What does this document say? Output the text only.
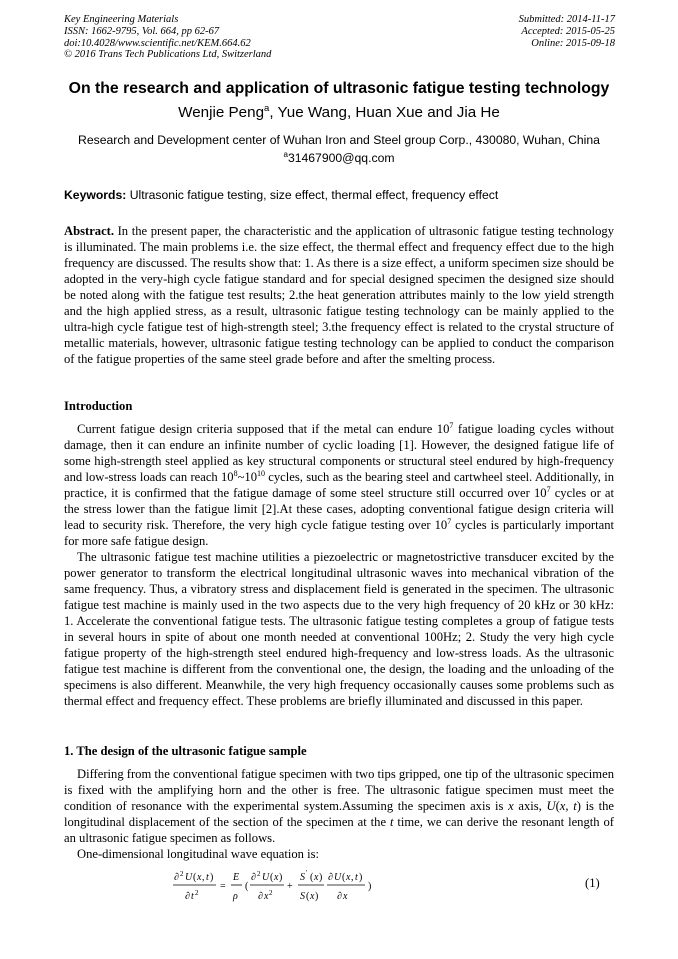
Key Engineering Materials
ISSN: 1662-9795, Vol. 664, pp 62-67
doi:10.4028/www.scientific.net/KEM.664.62
© 2016 Trans Tech Publications Ltd, Switzerland
Submitted: 2014-11-17
Accepted: 2015-05-25
Online: 2015-09-18
On the research and application of ultrasonic fatigue testing technology
Wenjie Peng$^a$, Yue Wang, Huan Xue and Jia He
Research and Development center of Wuhan Iron and Steel group Corp., 430080, Wuhan, China
$^a$31467900@qq.com
Keywords: Ultrasonic fatigue testing, size effect, thermal effect, frequency effect

Abstract. In the present paper, the characteristic and the application of ultrasonic fatigue testing technology is illuminated. The main problems i.e. the size effect, the thermal effect and frequency effect due to the high frequency are discussed. The results show that: 1. As there is a size effect, a uniform specimen size should be adopted in the very-high cycle fatigue standard and for special designed specimen the designed size should be noted along with the fatigue test results; 2.the heat generation attributes mainly to the low yield strength and the high applied stress, as a result, ultrasonic fatigue testing technology can be mainly applied to the ultra-high cycle fatigue test of high-strength steel; 3.the frequency effect is related to the crystal structure of metallic materials, however, ultrasonic fatigue testing technology can be applied to conduct the comparison of the fatigue properties of the same steel grade before and after the smelting process.

Introduction

Current fatigue design criteria supposed that if the metal can endure $10^7$ fatigue loading cycles without damage, then it can endure an infinite number of cyclic loading [1]. However, the designed fatigue life of some high-strength steel applied as key structural components or structural steel endured by high-frequency and low-stress loads can reach $10^8\sim 10^{10}$ cycles, such as the bearing steel and cartwheel steel. Additionally, in practice, it is confirmed that the fatigue damage of some steel structure still occurred over $10^7$ cycles or at the stress lower than the fatigue limit [2].At these cases, adopting conventional fatigue design criteria will lead to security risk. Therefore, the very high cycle fatigue testing over $10^7$ cycles is particularly important for more safe fatigue design.

The ultrasonic fatigue test machine utilities a piezoelectric or magnetostrictive transducer excited by the power generator to transform the electrical longitudinal ultrasonic waves into mechanical vibration of the same frequency. Thus, a vibratory stress and displacement field is generated in the specimen. The ultrasonic fatigue test machine is mainly used in the two aspects due to the very high frequency of 20 kHz or 30 kHz: 1. Accelerate the conventional fatigue tests. The ultrasonic fatigue testing completes a group of fatigue tests in several hours in spite of about one month needed at conventional 100Hz; 2. Study the very high cycle fatigue property of the high-strength steel endured high-frequency and low-stress loads. As the ultrasonic fatigue test machine is different from the conventional one, the design, the loading and the unloading of the specimens is also different. Meanwhile, the very high frequency occasionally causes some problems such as thermal effect and frequency effect. These problems are briefly illuminated and discussed in this paper.

1. The design of the ultrasonic fatigue sample

Differing from the conventional fatigue specimen with two tips gripped, one tip of the ultrasonic specimen is fixed with the amplifying horn and the other is free. The ultrasonic fatigue specimen must meet the condition of resonance with the experimental system.Assuming the specimen axis is x axis, U(x, t) is the longitudinal displacement of the section of the specimen at the t time, we can derive the resonant length of an ultrasonic fatigue specimen as follows.

One-dimensional longitudinal wave equation is:

∂ 2 U ( x , t )
∂ t 2
=
E
ρ
(
∂ 2 U ( x )
∂ x 2
+
S ' ( x )
S ( x )
∂ U ( x , t )
∂ x
)	(1)
